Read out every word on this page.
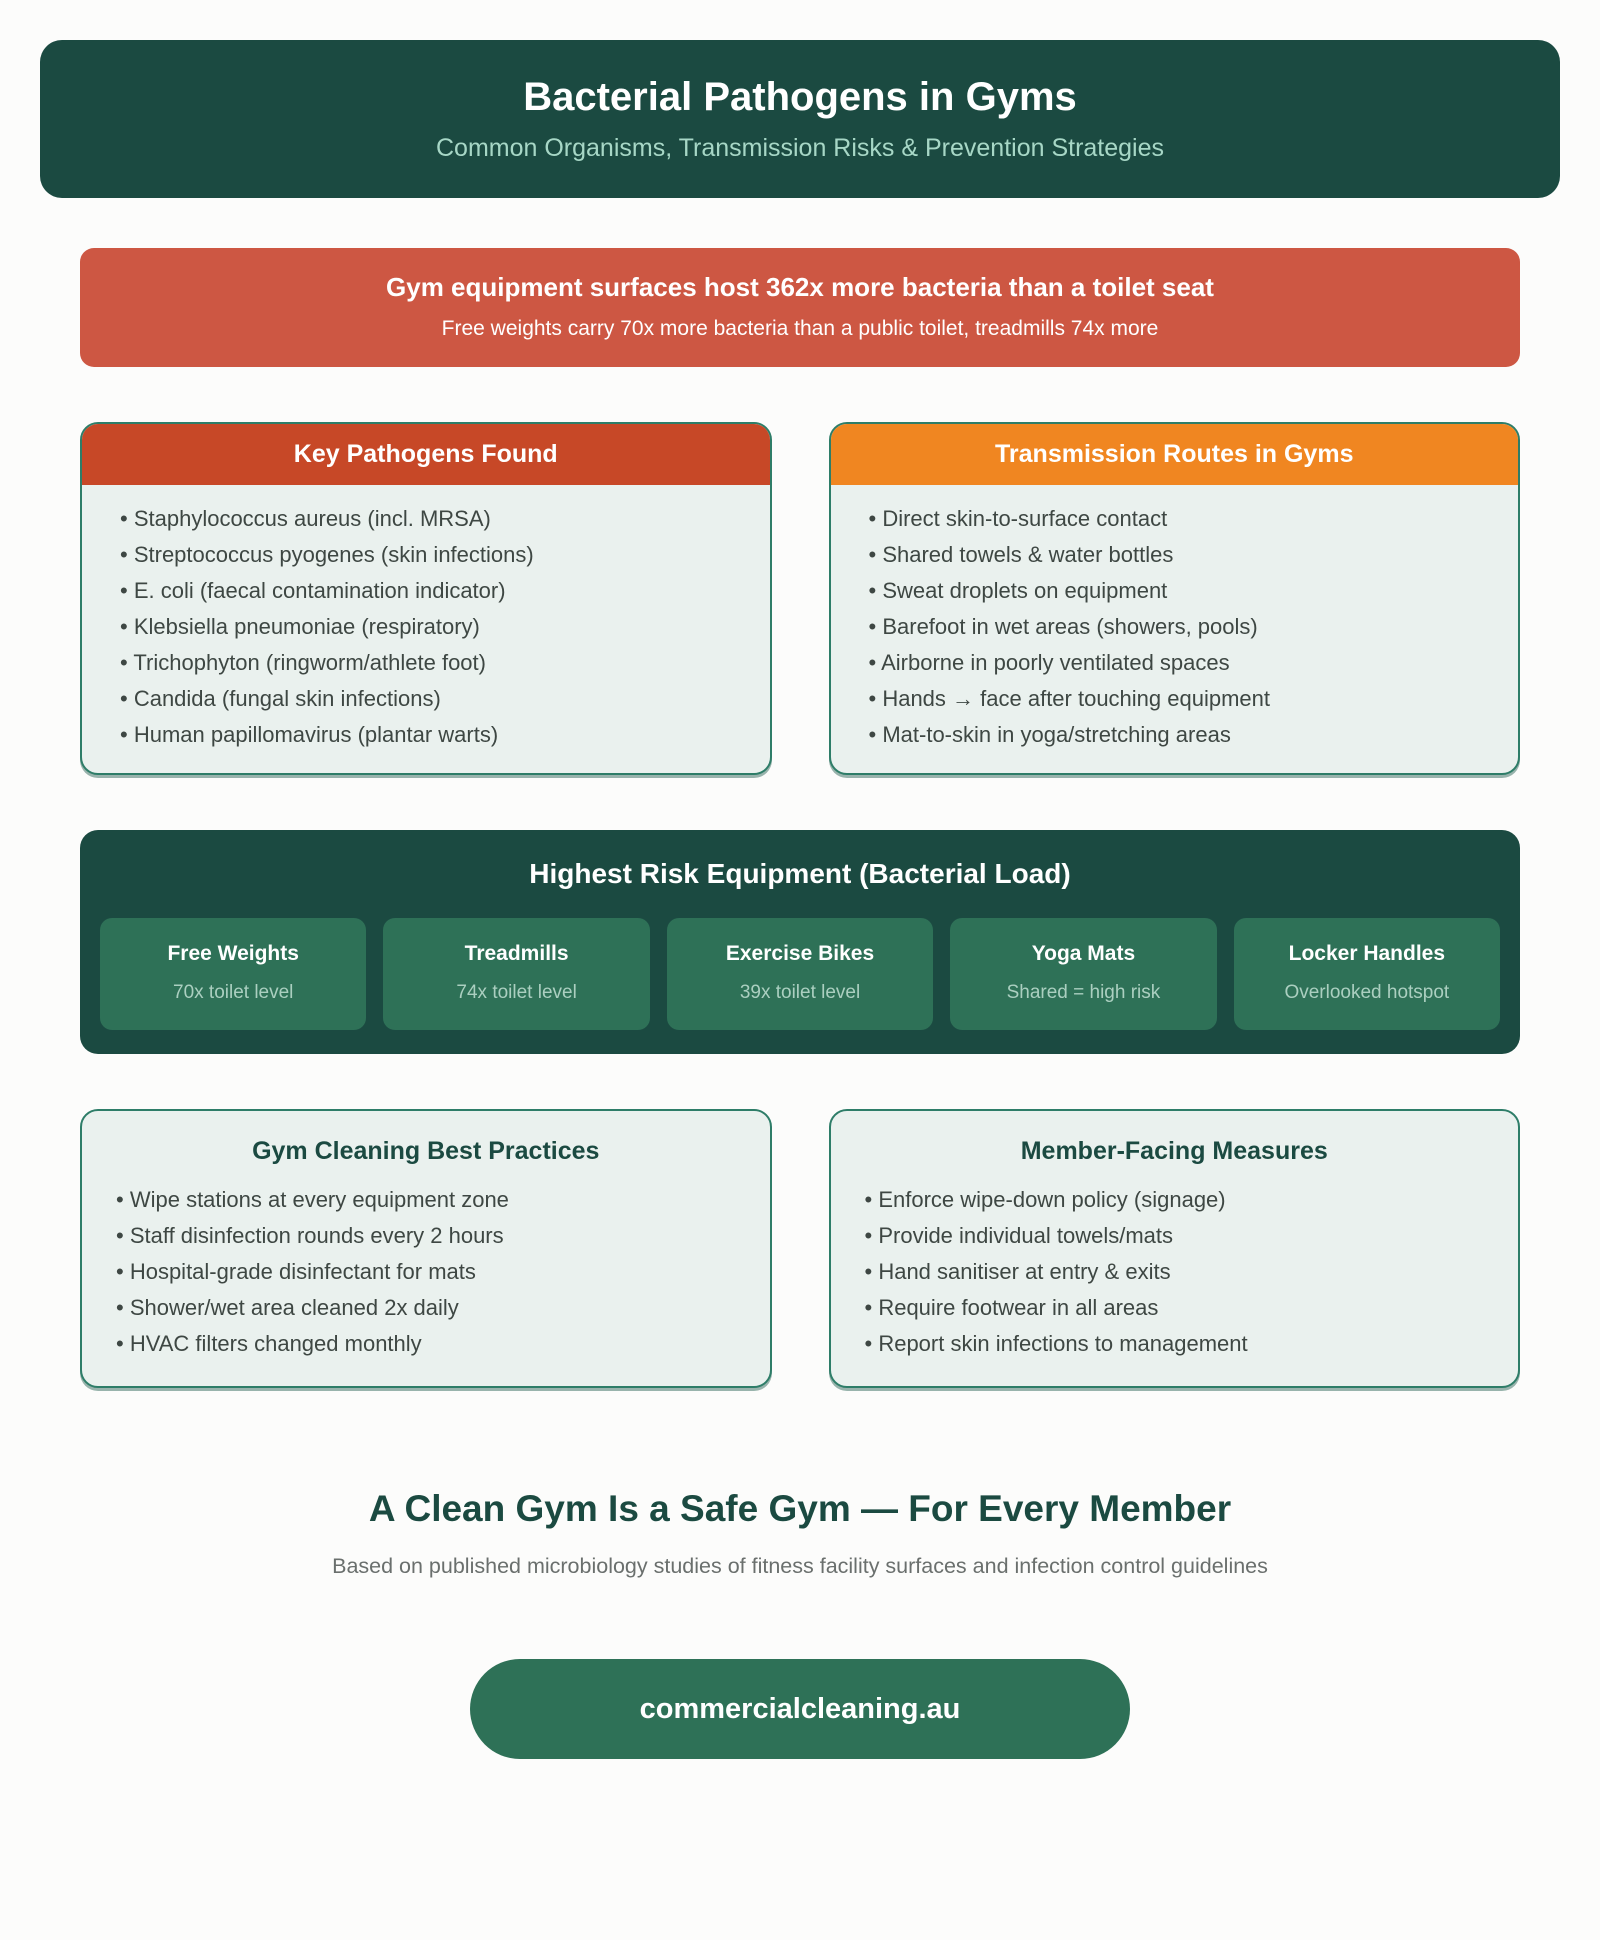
Bacterial Pathogens in Gyms
Common Organisms, Transmission Risks & Prevention Strategies
Gym equipment surfaces host 362x more bacteria than a toilet seat
Free weights carry 70x more bacteria than a public toilet, treadmills 74x more
Key Pathogens Found
• Staphylococcus aureus (incl. MRSA)
• Streptococcus pyogenes (skin infections)
• E. coli (faecal contamination indicator)
• Klebsiella pneumoniae (respiratory)
• Trichophyton (ringworm/athlete foot)
• Candida (fungal skin infections)
• Human papillomavirus (plantar warts)
Transmission Routes in Gyms
• Direct skin-to-surface contact
• Shared towels & water bottles
• Sweat droplets on equipment
• Barefoot in wet areas (showers, pools)
• Airborne in poorly ventilated spaces
• Hands → face after touching equipment
• Mat-to-skin in yoga/stretching areas
Highest Risk Equipment (Bacterial Load)
Free Weights
70x toilet level
Treadmills
74x toilet level
Exercise Bikes
39x toilet level
Yoga Mats
Shared = high risk
Locker Handles
Overlooked hotspot
Gym Cleaning Best Practices
• Wipe stations at every equipment zone
• Staff disinfection rounds every 2 hours
• Hospital-grade disinfectant for mats
• Shower/wet area cleaned 2x daily
• HVAC filters changed monthly
Member-Facing Measures
• Enforce wipe-down policy (signage)
• Provide individual towels/mats
• Hand sanitiser at entry & exits
• Require footwear in all areas
• Report skin infections to management
A Clean Gym Is a Safe Gym — For Every Member
Based on published microbiology studies of fitness facility surfaces and infection control guidelines
commercialcleaning.au
